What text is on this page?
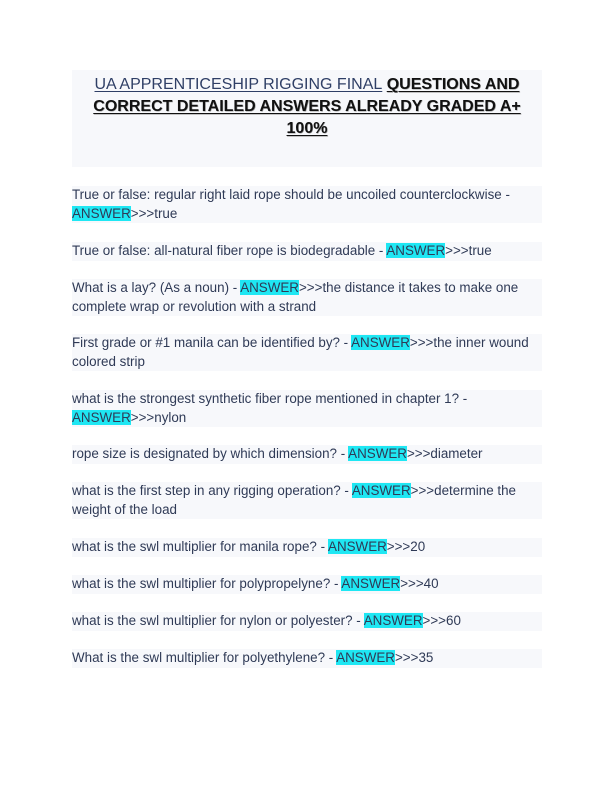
UA APPRENTICESHIP RIGGING FINAL QUESTIONS AND CORRECT DETAILED ANSWERS ALREADY GRADED A+ 100%
True or false: regular right laid rope should be uncoiled counterclockwise - ANSWER>>>true
True or false: all-natural fiber rope is biodegradable - ANSWER>>>true
What is a lay? (As a noun) - ANSWER>>>the distance it takes to make one complete wrap or revolution with a strand
First grade or #1 manila can be identified by? - ANSWER>>>the inner wound colored strip
what is the strongest synthetic fiber rope mentioned in chapter 1? - ANSWER>>>nylon
rope size is designated by which dimension? - ANSWER>>>diameter
what is the first step in any rigging operation? - ANSWER>>>determine the weight of the load
what is the swl multiplier for manila rope? - ANSWER>>>20
what is the swl multiplier for polypropelyne? - ANSWER>>>40
what is the swl multiplier for nylon or polyester? - ANSWER>>>60
What is the swl multiplier for polyethylene? - ANSWER>>>35
